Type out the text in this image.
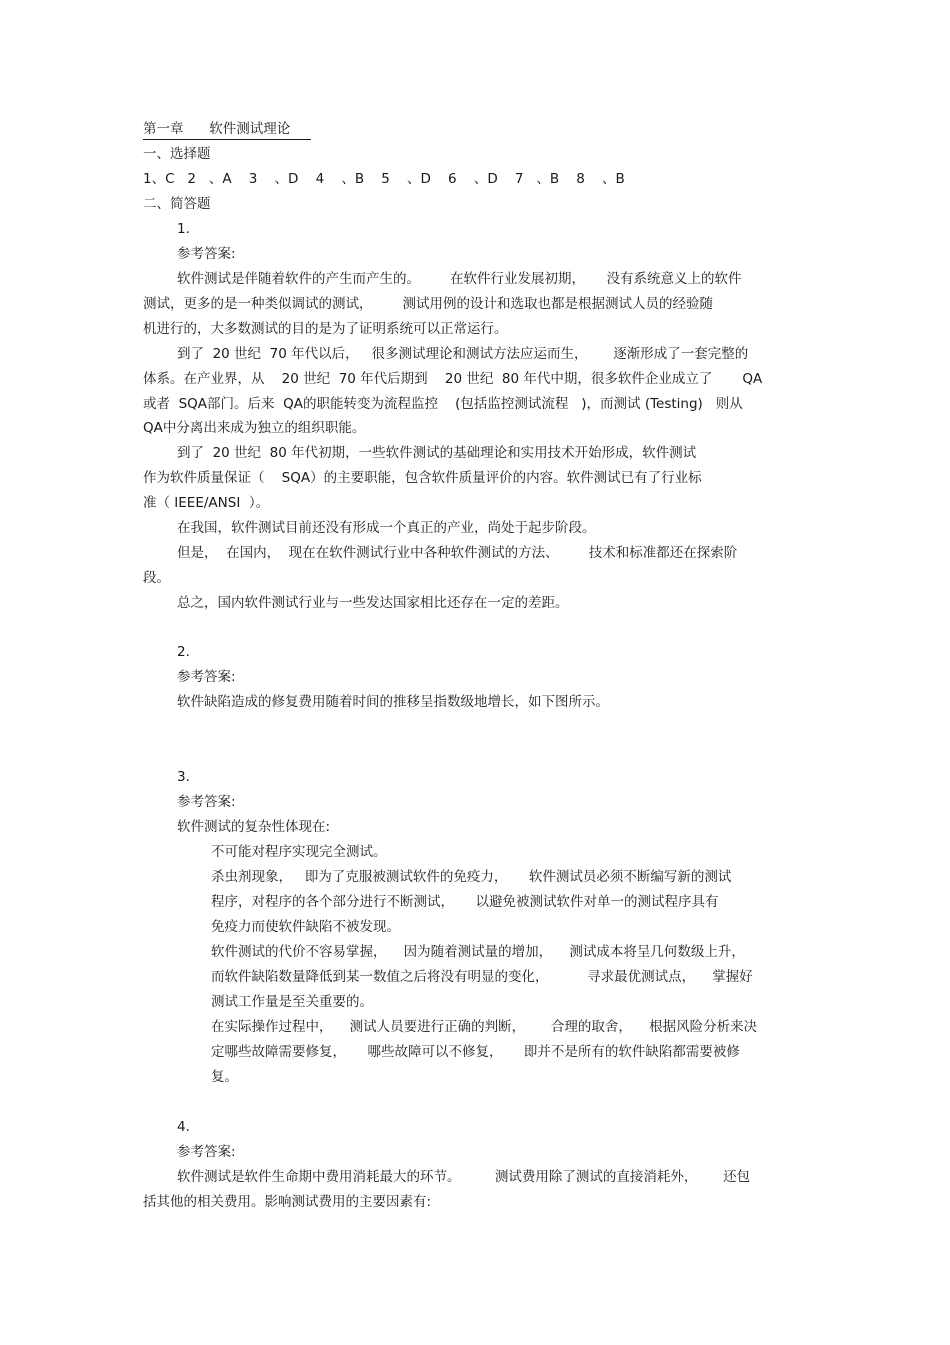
第一章      软件测试理论
一、选择题
1、C   2   、A    3    、D    4    、B    5    、D    6    、D    7   、B    8    、B
二、简答题
1.
参考答案:
软件测试是伴随着软件的产生而产生的。       在软件行业发展初期，     没有系统意义上的软件
测试，更多的是一种类似调试的测试，       测试用例的设计和选取也都是根据测试人员的经验随
机进行的，大多数测试的目的是为了证明系统可以正常运行。
到了  20 世纪  70 年代以后，   很多测试理论和测试方法应运而生，      逐渐形成了一套完整的
体系。在产业界，从    20 世纪  70 年代后期到    20 世纪  80 年代中期，很多软件企业成立了       QA
或者  SQA部门。后来  QA的职能转变为流程监控    (包括监控测试流程   )，而测试 (Testing)   则从
QA中分离出来成为独立的组织职能。
到了  20 世纪  80 年代初期，一些软件测试的基础理论和实用技术开始形成，软件测试
作为软件质量保证（    SQA）的主要职能，包含软件质量评价的内容。软件测试已有了行业标
准（ IEEE/ANSI  ）。
在我国，软件测试目前还没有形成一个真正的产业，尚处于起步阶段。
但是，  在国内，  现在在软件测试行业中各种软件测试的方法、       技术和标准都还在探索阶
段。
总之，国内软件测试行业与一些发达国家相比还存在一定的差距。
2.
参考答案:
软件缺陷造成的修复费用随着时间的推移呈指数级地增长，如下图所示。
3.
参考答案:
软件测试的复杂性体现在:
不可能对程序实现完全测试。
杀虫剂现象，   即为了克服被测试软件的免疫力，     软件测试员必须不断编写新的测试
程序，对程序的各个部分进行不断测试，     以避免被测试软件对单一的测试程序具有
免疫力而使软件缺陷不被发现。
软件测试的代价不容易掌握，    因为随着测试量的增加，    测试成本将呈几何数级上升，
而软件缺陷数量降低到某一数值之后将没有明显的变化，         寻求最优测试点，    掌握好
测试工作量是至关重要的。
在实际操作过程中，    测试人员要进行正确的判断，      合理的取舍，    根据风险分析来决
定哪些故障需要修复，     哪些故障可以不修复，     即并不是所有的软件缺陷都需要被修
复。
4.
参考答案:
软件测试是软件生命期中费用消耗最大的环节。        测试费用除了测试的直接消耗外，      还包
括其他的相关费用。影响测试费用的主要因素有:
